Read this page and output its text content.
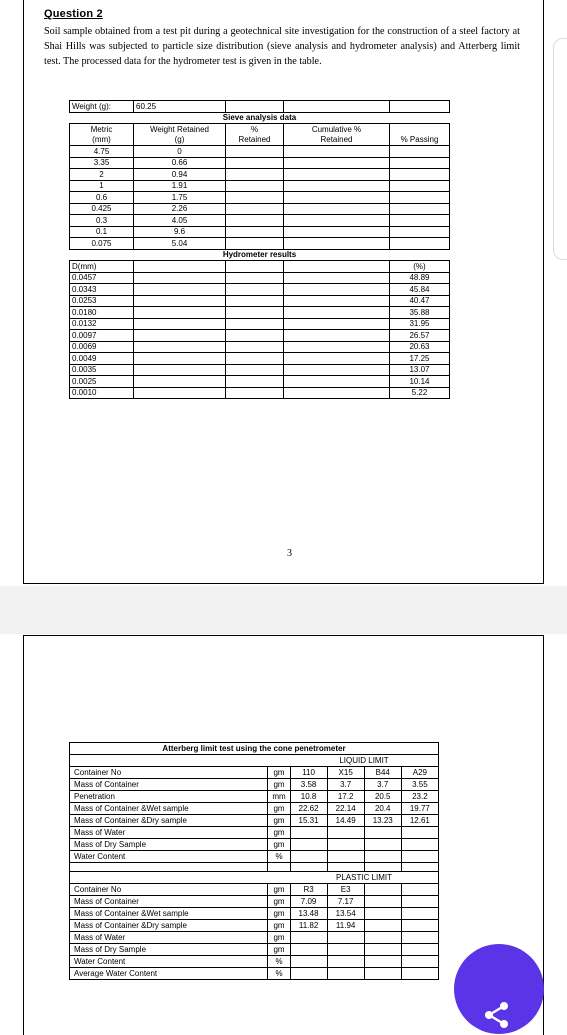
Question 2

Soil sample obtained from a test pit during a geotechnical site investigation for the construction of a steel factory at Shai Hills was subjected to particle size distribution (sieve analysis and hydrometer analysis) and Atterberg limit test. The processed data for the hydrometer test is given in the table.

Weight (g):	60.25			
Sieve analysis data				
Metric	Weight Retained	%	Cumulative %	
(mm)	(g)	Retained	Retained	% Passing
4.75	0			
3.35	0.66			
2	0.94			
1	1.91			
0.6	1.75			
0.425	2.26			
0.3	4.05			
0.1	9.6			
0.075	5.04			
Hydrometer results				
D(mm)				(%)
0.0457				48.89
0.0343				45.84
0.0253				40.47
0.0180				35.88
0.0132				31.95
0.0097				26.57
0.0069				20.63
0.0049				17.25
0.0035				13.07
0.0025				10.14
0.0010				5.22
3
Atterberg limit test using the cone penetrometer					
		LIQUID LIMIT			
Container No	gm	110	X15	B44	A29
Mass of Container	gm	3.58	3.7	3.7	3.55
Penetration	mm	10.8	17.2	20.5	23.2
Mass of Container &Wet sample	gm	22.62	22.14	20.4	19.77
Mass of Container &Dry sample	gm	15.31	14.49	13.23	12.61
Mass of Water	gm				
Mass of Dry Sample	gm				
Water Content	%				

		PLASTIC LIMIT			
Container No	gm	R3	E3		
Mass of Container	gm	7.09	7.17		
Mass of Container &Wet sample	gm	13.48	13.54		
Mass of Container &Dry sample	gm	11.82	11.94		
Mass of Water	gm				
Mass of Dry Sample	gm				
Water Content	%				
Average Water Content	%				
